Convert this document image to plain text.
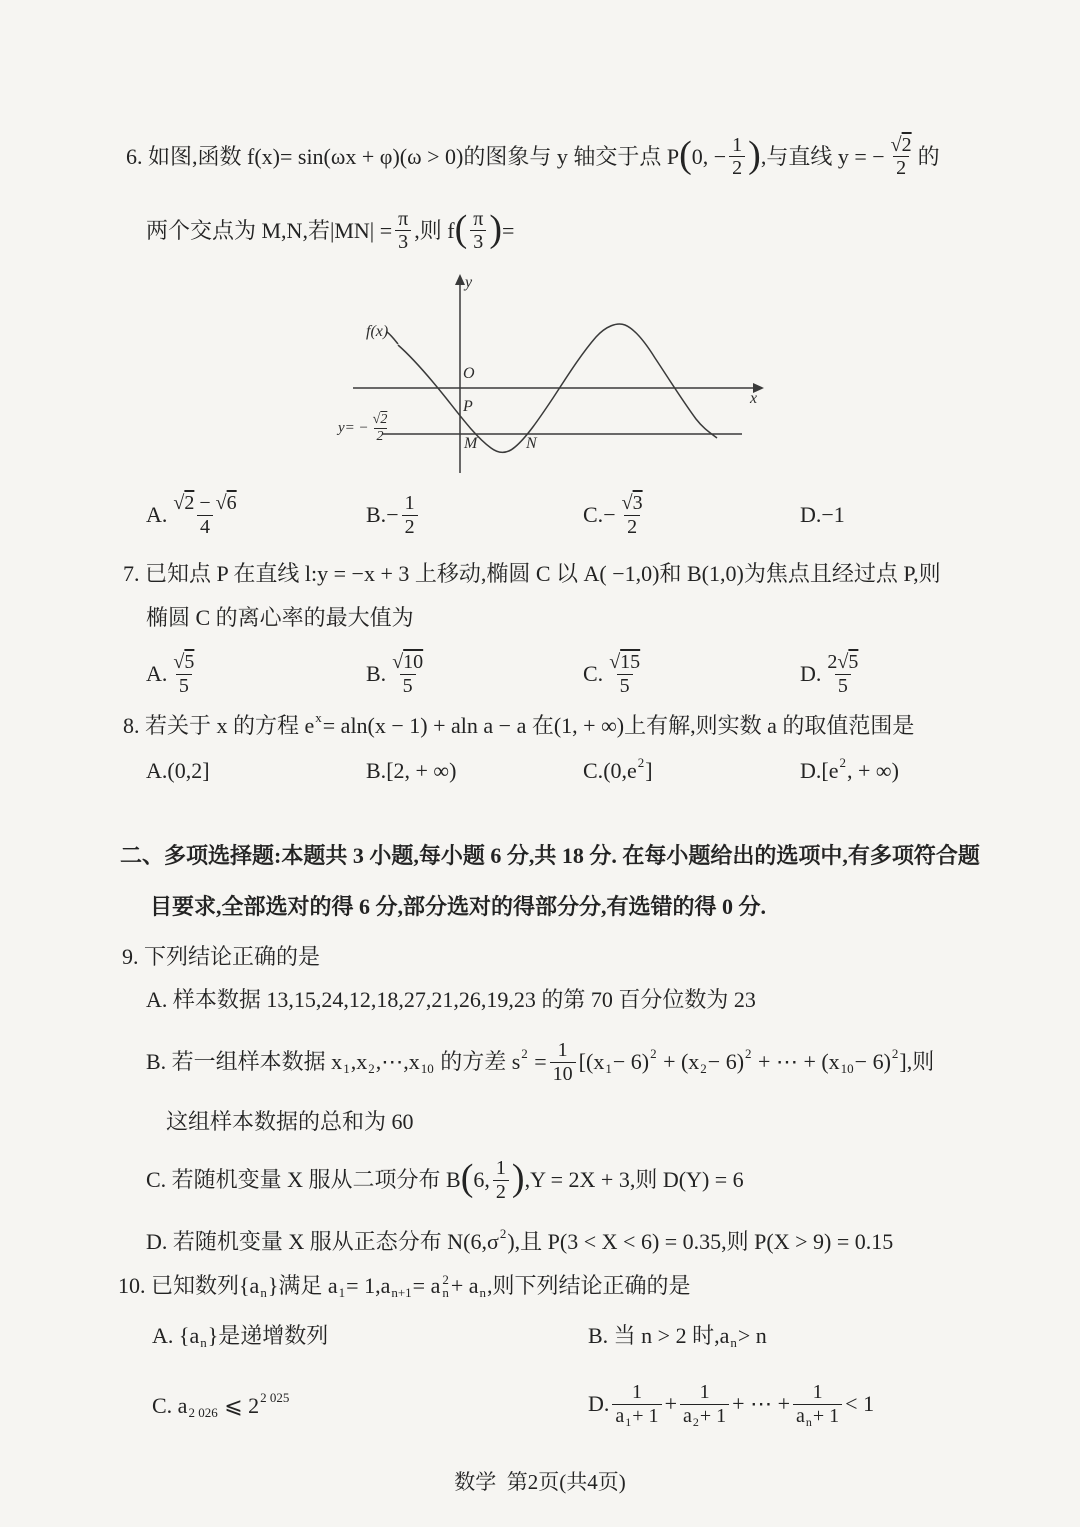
6. 如图,函数 f(x)= sin(ωx + φ)(ω > 0)的图象与 y 轴交于点 P ( 0, − $\frac{1}{2}$ ) ,与直线 y = − $\frac{√2}{2}$ 的
两个交点为 M,N,若$|MN| = \frac{\pi}{3}$ ,则 f ( $\frac{\pi}{3}$ ) =
y
x
O
P
M	N
f(x)
$y= - \frac{√2}{2}$
A. $\frac{√2 - √6}{4}$	B. − $\frac{1}{2}$	C. − $\frac{√3}{2}$	D. −1
7. 已知点 P 在直线 l:y = −x + 3 上移动,椭圆 C 以 A( −1,0)和 B(1,0)为焦点且经过点 P,则
椭圆 C 的离心率的最大值为
A. $\frac{√5}{5}$	B. $\frac{√10}{5}$	C. $\frac{√15}{5}$	D. $\frac{2√5}{5}$
8. 若关于 x 的方程 e x = aln(x − 1) + aln a − a 在(1, + ∞)上有解,则实数 a 的取值范围是
A. (0,2]	B. [2, + ∞)	C. (0,e 2 ]	D. [e 2 , + ∞)
二、多项选择题:本题共 3 小题,每小题 6 分,共 18 分. 在每小题给出的选项中,有多项符合题
目要求,全部选对的得 6 分,部分选对的得部分分,有选错的得 0 分.
9. 下列结论正确的是
A. 样本数据 13,15,24,12,18,27,21,26,19,23 的第 70 百分位数为 23
B. 若一组样本数据 x 1 ,x 2 ,⋯,x 10 的方差 s $2 = \frac{1}{10} [(x$ 1 − 6) 2 + (x 2 − 6) 2 + ⋯ + (x 10 − 6) 2 ],则
这组样本数据的总和为 60
C. 若随机变量 X 服从二项分布 B ( 6, $\frac{1}{2}$ ) ,Y = 2X + 3,则 D(Y) = 6
D. 若随机变量 X 服从正态分布 N(6,σ 2 ),且 P(3 < X < 6) = 0.35,则 P(X > 9) = 0.15
10. 已知数列{a n }满足 a 1 = 1,a n+1 = a 2
n + a n ,则下列结论正确的是
A. {a n }是递增数列	B. 当 n > 2 时,a n > n
C. a 2 026 ⩽ 2 2 025	D. $\frac{1}{a_1+ 1} + \frac{1}{a_2+ 1}$ + ⋯ + $\frac{1}{a_n+ 1} < 1$
数学  第2页(共4页)
